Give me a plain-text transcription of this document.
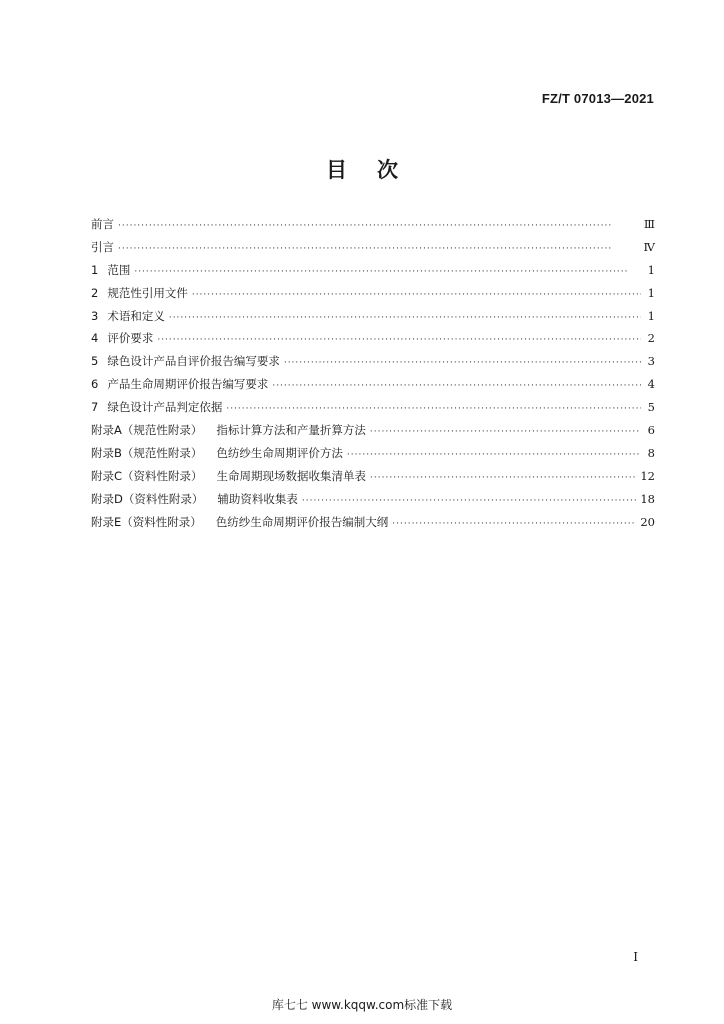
FZ/T 07013—2021
目次
前言 ·····	Ⅲ
引言 ·····	Ⅳ
1 范围 ·····	1
2 规范性引用文件 ·····	1
3 术语和定义 ·····	1
4 评价要求 ·····	2
5 绿色设计产品自评价报告编写要求 ·····	3
6 产品生命周期评价报告编写要求 ·····	4
7 绿色设计产品判定依据 ·····	5
附录A（规范性附录） 指标计算方法和产量折算方法 ·····	6
附录B（规范性附录） 色纺纱生命周期评价方法 ·····	8
附录C（资料性附录） 生命周期现场数据收集清单表 ·····	12
附录D（资料性附录） 辅助资料收集表 ·····	18
附录E（资料性附录） 色纺纱生命周期评价报告编制大纲 ·····	20
I
库七七 www.kqqw.com标准下载
